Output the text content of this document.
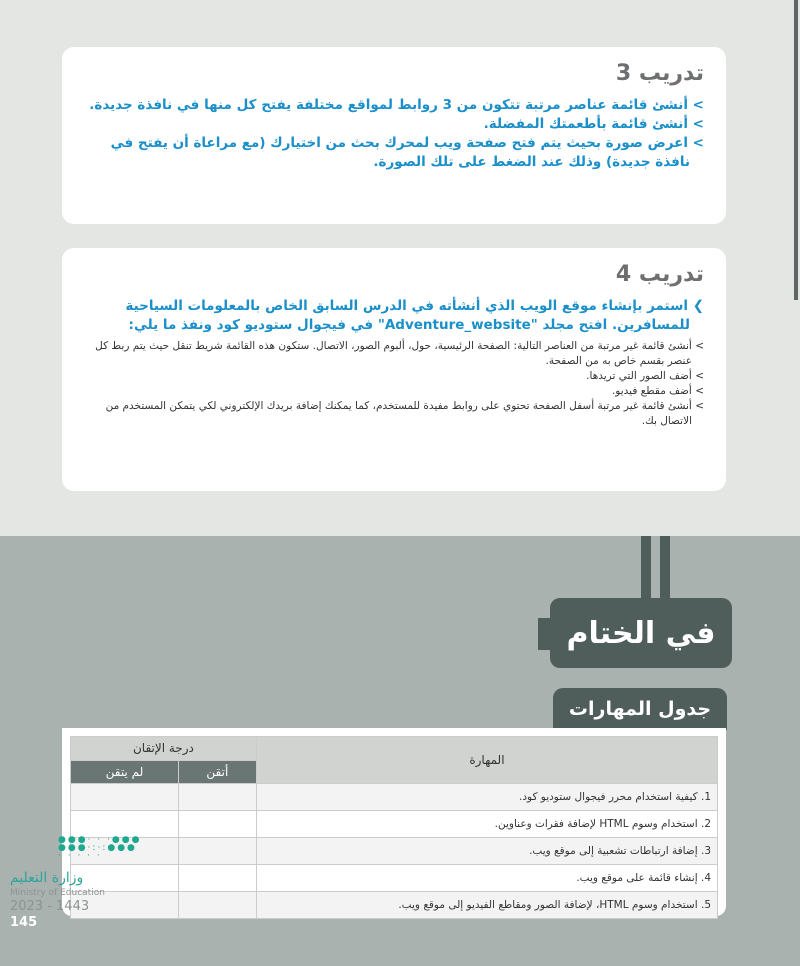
تدريب 3
> أنشئ قائمة عناصر مرتبة تتكون من 3 روابط لمواقع مختلفة يفتح كل منها في نافذة جديدة.
> أنشئ قائمة بأطعمتك المفضلة.
> اعرض صورة بحيث يتم فتح صفحة ويب لمحرك بحث من اختيارك (مع مراعاة أن يفتح في نافذة جديدة) وذلك عند الضغط على تلك الصورة.
تدريب 4
❯ استمر بإنشاء موقع الويب الذي أنشأته في الدرس السابق الخاص بالمعلومات السياحية للمسافرين. افتح مجلد "Adventure_website" في فيجوال ستوديو كود ونفذ ما يلي:
> أنشئ قائمة غير مرتبة من العناصر التالية: الصفحة الرئيسية، حول، ألبوم الصور، الاتصال. ستكون هذه القائمة شريط تنقل حيث يتم ربط كل عنصر بقسم خاص به من الصفحة.
> أضف الصور التي تريدها.
> أضف مقطع فيديو.
> أنشئ قائمة غير مرتبة أسفل الصفحة تحتوي على روابط مفيدة للمستخدم، كما يمكنك إضافة بريدك الإلكتروني لكي يتمكن المستخدم من الاتصال بك.
في الختام
جدول المهارات
المهارة	درجة الإتقان	
	أتقن	لم يتقن
1. كيفية استخدام محرر فيجوال ستوديو كود.		
2. استخدام وسوم HTML لإضافة فقرات وعناوين.		
3. إضافة ارتباطات تشعبية إلى موقع ويب.		
4. إنشاء قائمة على موقع ويب.		
5. استخدام وسوم HTML، لإضافة الصور ومقاطع الفيديو إلى موقع ويب.		
●●●· · ·●●●
●●●·:·:●●●
· · · · ·
وزارة التعليم
Ministry of Education
2023 - 1443
145
